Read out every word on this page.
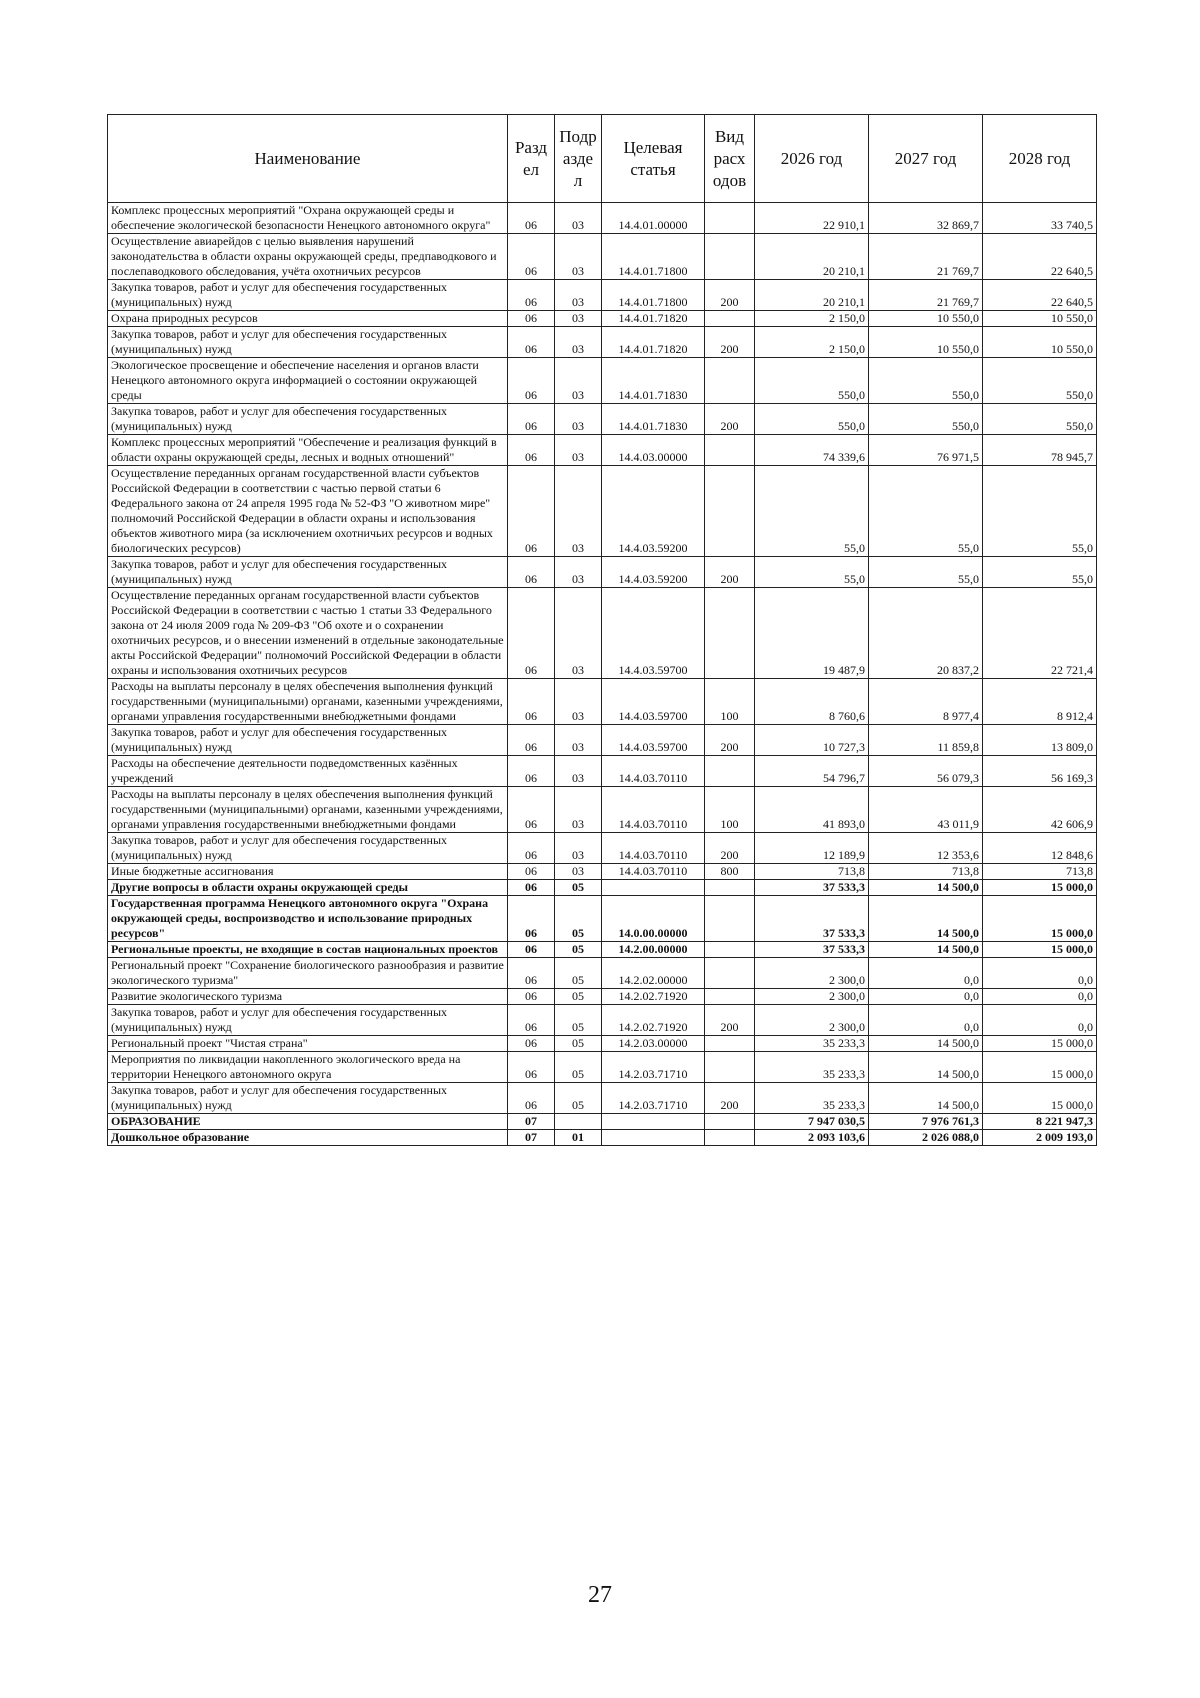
Наименование	Разд ел	Подр азде л	Целевая статья	Вид расх одов	2026 год	2027 год	2028 год
Комплекс процессных мероприятий "Охрана окружающей среды и обеспечение экологической безопасности Ненецкого автономного округа"	06	03	14.4.01.00000		22 910,1	32 869,7	33 740,5
Осуществление авиарейдов с целью выявления нарушений законодательства в области охраны окружающей среды, предпаводкового и послепаводкового обследования, учёта охотничьих ресурсов	06	03	14.4.01.71800		20 210,1	21 769,7	22 640,5
Закупка товаров, работ и услуг для обеспечения государственных (муниципальных) нужд	06	03	14.4.01.71800	200	20 210,1	21 769,7	22 640,5
Охрана природных ресурсов	06	03	14.4.01.71820		2 150,0	10 550,0	10 550,0
Закупка товаров, работ и услуг для обеспечения государственных (муниципальных) нужд	06	03	14.4.01.71820	200	2 150,0	10 550,0	10 550,0
Экологическое просвещение и обеспечение населения и органов власти Ненецкого автономного округа информацией о состоянии окружающей среды	06	03	14.4.01.71830		550,0	550,0	550,0
Закупка товаров, работ и услуг для обеспечения государственных (муниципальных) нужд	06	03	14.4.01.71830	200	550,0	550,0	550,0
Комплекс процессных мероприятий "Обеспечение и реализация функций в области охраны окружающей среды, лесных и водных отношений"	06	03	14.4.03.00000		74 339,6	76 971,5	78 945,7
Осуществление переданных органам государственной власти субъектов Российской Федерации в соответствии с частью первой статьи 6 Федерального закона от 24 апреля 1995 года № 52-ФЗ "О животном мире" полномочий Российской Федерации в области охраны и использования объектов животного мира (за исключением охотничьих ресурсов и водных биологических ресурсов)	06	03	14.4.03.59200		55,0	55,0	55,0
Закупка товаров, работ и услуг для обеспечения государственных (муниципальных) нужд	06	03	14.4.03.59200	200	55,0	55,0	55,0
Осуществление переданных органам государственной власти субъектов Российской Федерации в соответствии с частью 1 статьи 33 Федерального закона от 24 июля 2009 года № 209-ФЗ "Об охоте и о сохранении охотничьих ресурсов, и о внесении изменений в отдельные законодательные акты Российской Федерации" полномочий Российской Федерации в области охраны и использования охотничьих ресурсов	06	03	14.4.03.59700		19 487,9	20 837,2	22 721,4
Расходы на выплаты персоналу в целях обеспечения выполнения функций государственными (муниципальными) органами, казенными учреждениями, органами управления государственными внебюджетными фондами	06	03	14.4.03.59700	100	8 760,6	8 977,4	8 912,4
Закупка товаров, работ и услуг для обеспечения государственных (муниципальных) нужд	06	03	14.4.03.59700	200	10 727,3	11 859,8	13 809,0
Расходы на обеспечение деятельности подведомственных казённых учреждений	06	03	14.4.03.70110		54 796,7	56 079,3	56 169,3
Расходы на выплаты персоналу в целях обеспечения выполнения функций государственными (муниципальными) органами, казенными учреждениями, органами управления государственными внебюджетными фондами	06	03	14.4.03.70110	100	41 893,0	43 011,9	42 606,9
Закупка товаров, работ и услуг для обеспечения государственных (муниципальных) нужд	06	03	14.4.03.70110	200	12 189,9	12 353,6	12 848,6
Иные бюджетные ассигнования	06	03	14.4.03.70110	800	713,8	713,8	713,8
Другие вопросы в области охраны окружающей среды	06	05			37 533,3	14 500,0	15 000,0
Государственная программа Ненецкого автономного округа "Охрана окружающей среды, воспроизводство и использование природных ресурсов"	06	05	14.0.00.00000		37 533,3	14 500,0	15 000,0
Региональные проекты, не входящие в состав национальных проектов	06	05	14.2.00.00000		37 533,3	14 500,0	15 000,0
Региональный проект "Сохранение биологического разнообразия и развитие экологического туризма"	06	05	14.2.02.00000		2 300,0	0,0	0,0
Развитие экологического туризма	06	05	14.2.02.71920		2 300,0	0,0	0,0
Закупка товаров, работ и услуг для обеспечения государственных (муниципальных) нужд	06	05	14.2.02.71920	200	2 300,0	0,0	0,0
Региональный проект "Чистая страна"	06	05	14.2.03.00000		35 233,3	14 500,0	15 000,0
Мероприятия по ликвидации накопленного экологического вреда на территории Ненецкого автономного округа	06	05	14.2.03.71710		35 233,3	14 500,0	15 000,0
Закупка товаров, работ и услуг для обеспечения государственных (муниципальных) нужд	06	05	14.2.03.71710	200	35 233,3	14 500,0	15 000,0
ОБРАЗОВАНИЕ	07				7 947 030,5	7 976 761,3	8 221 947,3
Дошкольное образование	07	01			2 093 103,6	2 026 088,0	2 009 193,0
27
